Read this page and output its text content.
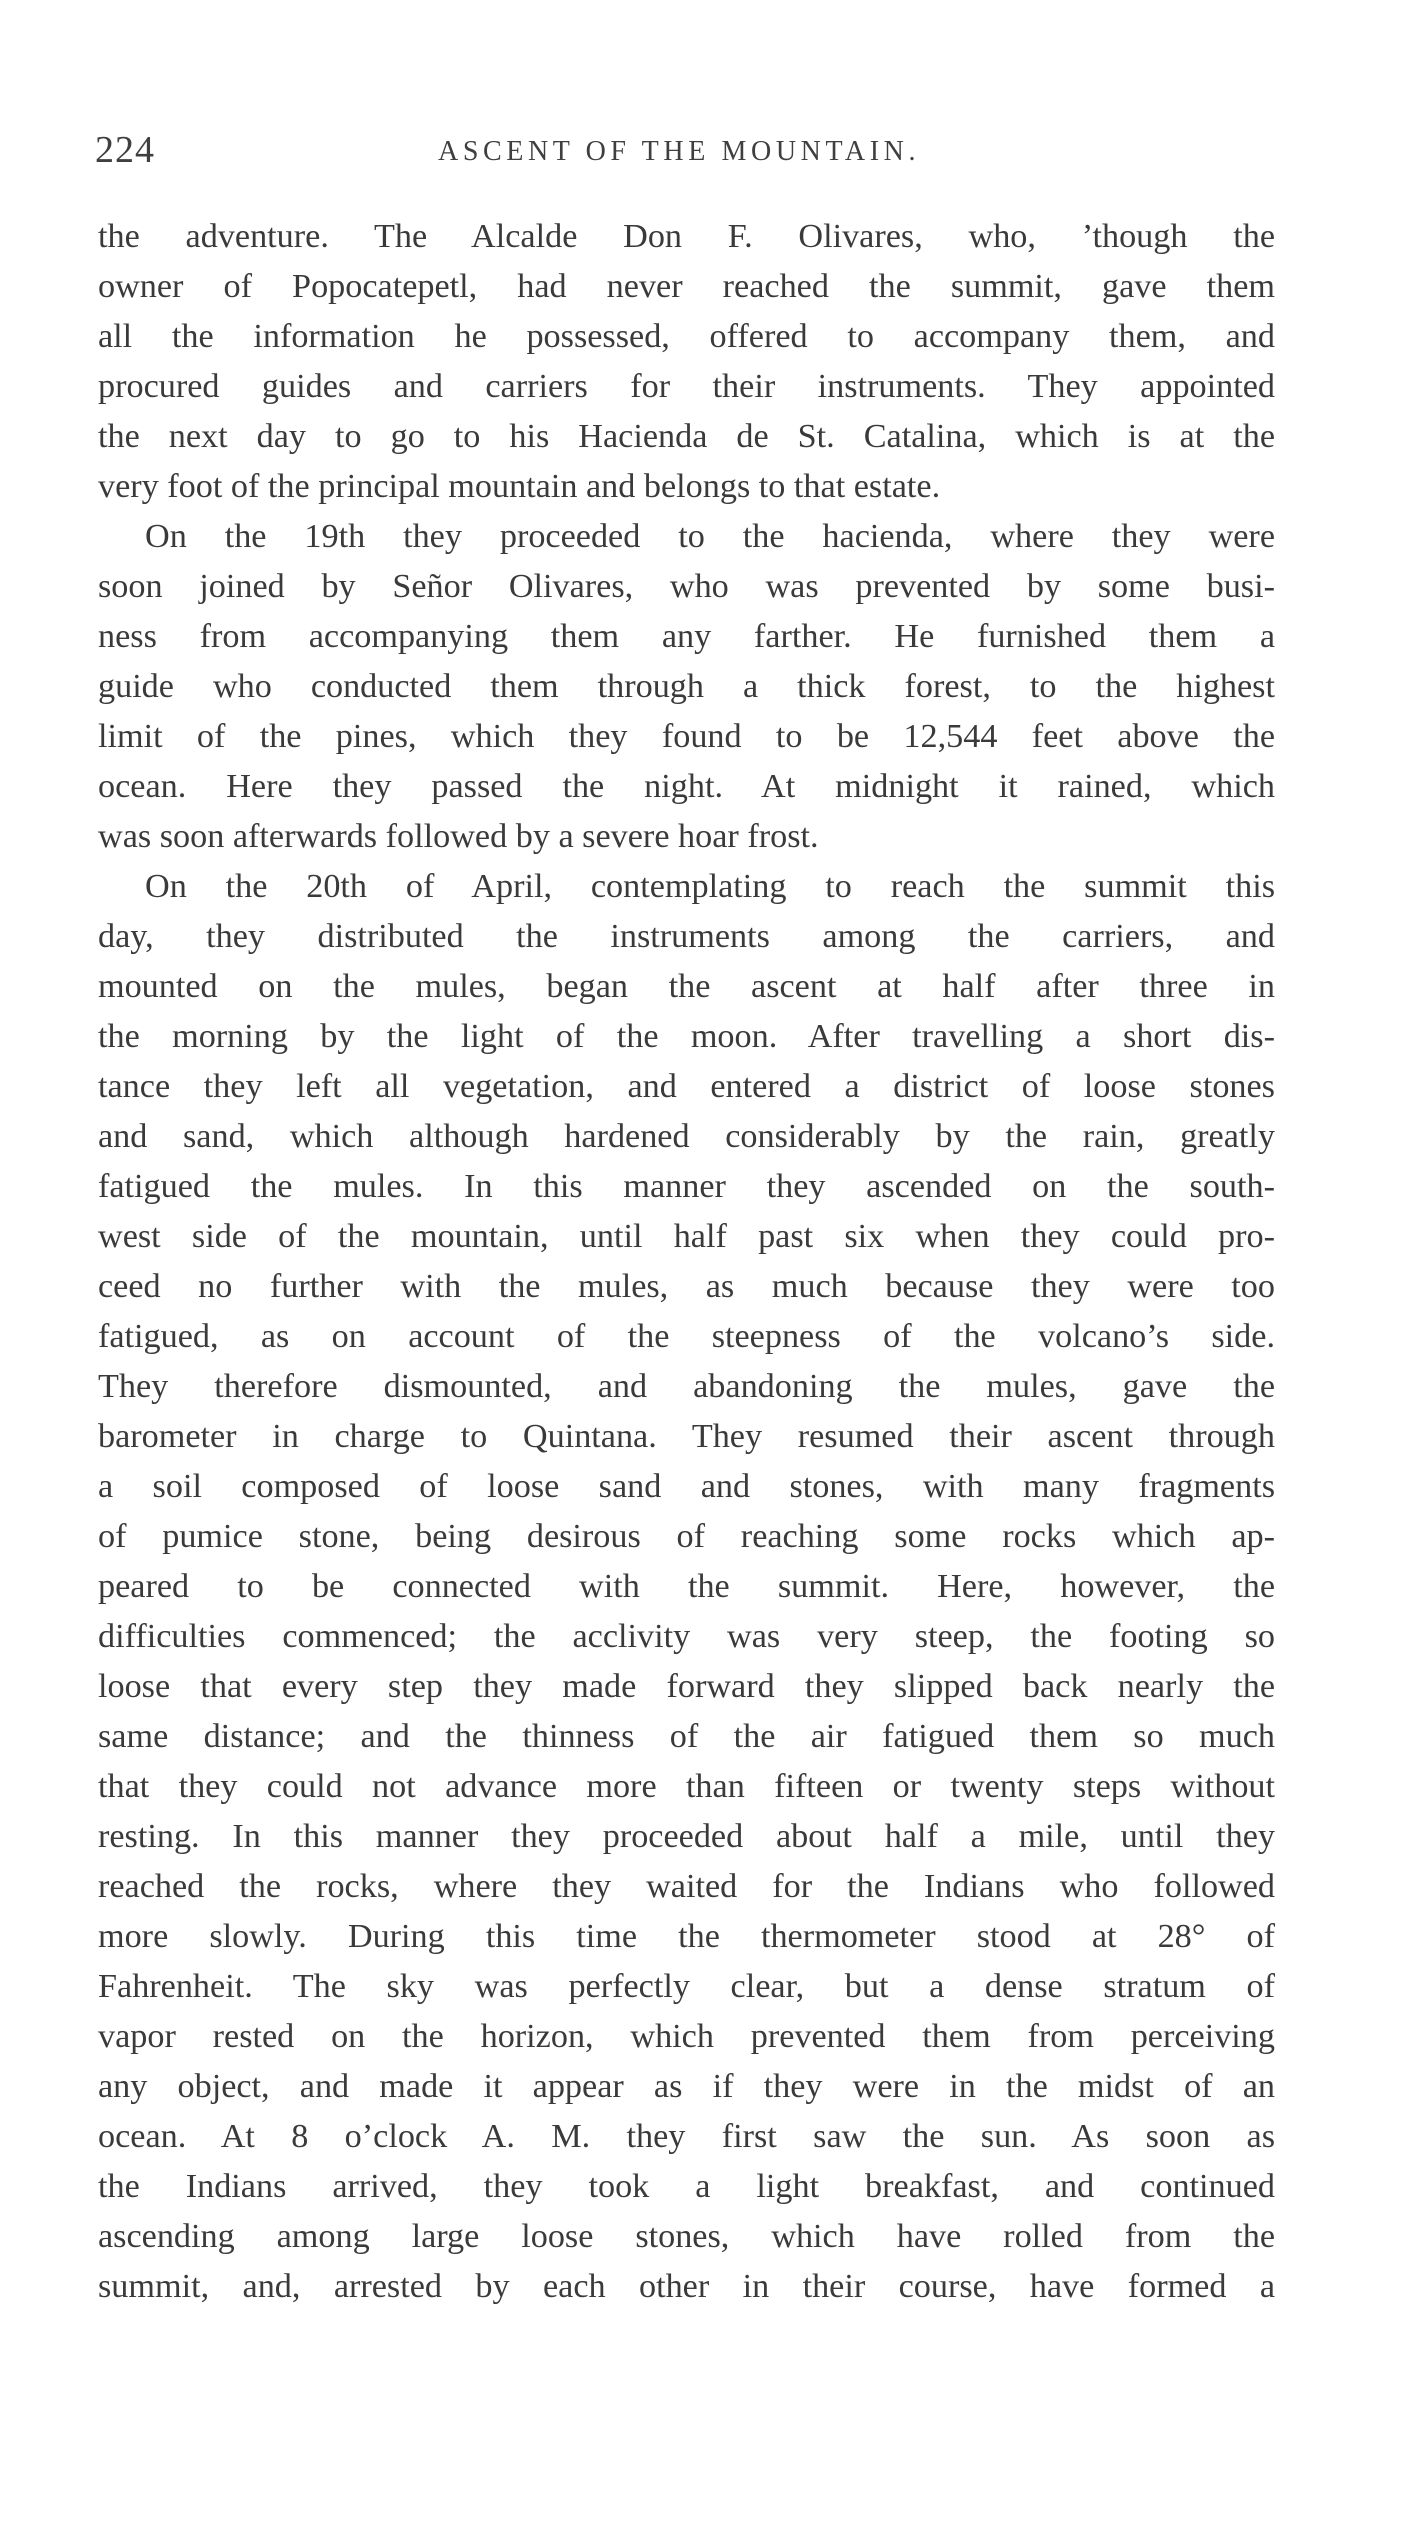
224	ASCENT OF THE MOUNTAIN.
the adventure. The Alcalde Don F. Olivares, who, ’though the
owner of Popocatepetl, had never reached the summit, gave them
all the information he possessed, offered to accompany them, and
procured guides and carriers for their instruments. They appointed
the next day to go to his Hacienda de St. Catalina, which is at the
very foot of the principal mountain and belongs to that estate.
On the 19th they proceeded to the hacienda, where they were
soon joined by Señor Olivares, who was prevented by some busi-
ness from accompanying them any farther. He furnished them a
guide who conducted them through a thick forest, to the highest
limit of the pines, which they found to be 12,544 feet above the
ocean. Here they passed the night. At midnight it rained, which
was soon afterwards followed by a severe hoar frost.
On the 20th of April, contemplating to reach the summit this
day, they distributed the instruments among the carriers, and
mounted on the mules, began the ascent at half after three in
the morning by the light of the moon. After travelling a short dis-
tance they left all vegetation, and entered a district of loose stones
and sand, which although hardened considerably by the rain, greatly
fatigued the mules. In this manner they ascended on the south-
west side of the mountain, until half past six when they could pro-
ceed no further with the mules, as much because they were too
fatigued, as on account of the steepness of the volcano’s side.
They therefore dismounted, and abandoning the mules, gave the
barometer in charge to Quintana. They resumed their ascent through
a soil composed of loose sand and stones, with many fragments
of pumice stone, being desirous of reaching some rocks which ap-
peared to be connected with the summit. Here, however, the
difficulties commenced; the acclivity was very steep, the footing so
loose that every step they made forward they slipped back nearly the
same distance; and the thinness of the air fatigued them so much
that they could not advance more than fifteen or twenty steps without
resting. In this manner they proceeded about half a mile, until they
reached the rocks, where they waited for the Indians who followed
more slowly. During this time the thermometer stood at 28° of
Fahrenheit. The sky was perfectly clear, but a dense stratum of
vapor rested on the horizon, which prevented them from perceiving
any object, and made it appear as if they were in the midst of an
ocean. At 8 o’clock A. M. they first saw the sun. As soon as
the Indians arrived, they took a light breakfast, and continued
ascending among large loose stones, which have rolled from the
summit, and, arrested by each other in their course, have formed a
